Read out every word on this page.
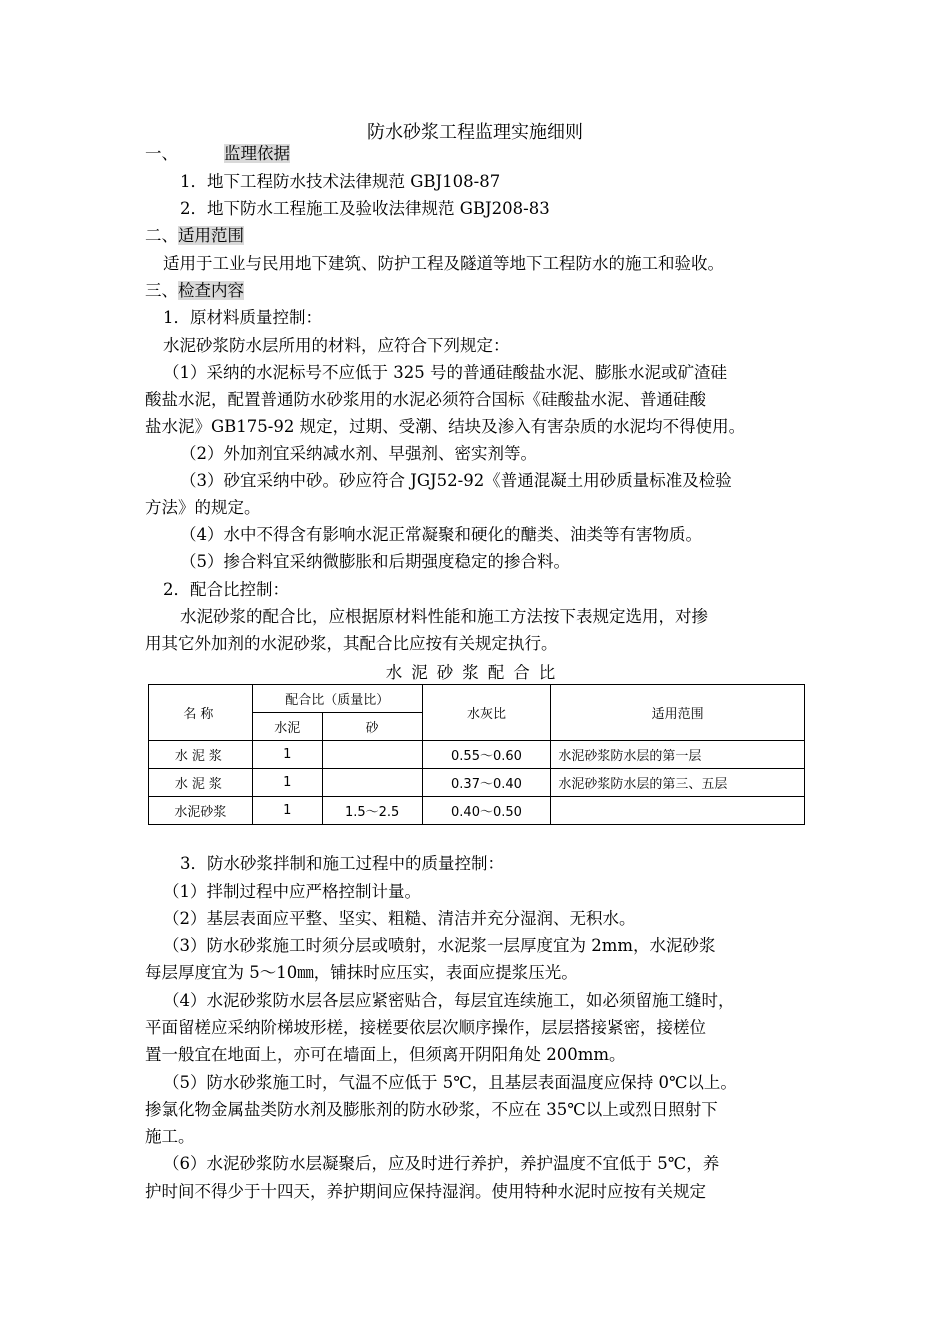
防水砂浆工程监理实施细则
一、	监理依据
1．地下工程防水技术法律规范 GBJ108-87
2．地下防水工程施工及验收法律规范 GBJ208-83
二、适用范围
适用于工业与民用地下建筑、防护工程及隧道等地下工程防水的施工和验收。
三、检查内容
1．原材料质量控制：
水泥砂浆防水层所用的材料，应符合下列规定：
（1）采纳的水泥标号不应低于 325 号的普通硅酸盐水泥、膨胀水泥或矿渣硅
酸盐水泥，配置普通防水砂浆用的水泥必须符合国标《硅酸盐水泥、普通硅酸
盐水泥》GB175-92 规定，过期、受潮、结块及渗入有害杂质的水泥均不得使用。
（2）外加剂宜采纳减水剂、早强剂、密实剂等。
（3）砂宜采纳中砂。砂应符合 JGJ52-92《普通混凝土用砂质量标准及检验
方法》的规定。
（4）水中不得含有影响水泥正常凝聚和硬化的醣类、油类等有害物质。
（5）掺合料宜采纳微膨胀和后期强度稳定的掺合料。
2．配合比控制：
水泥砂浆的配合比，应根据原材料性能和施工方法按下表规定选用，对掺
用其它外加剂的水泥砂浆，其配合比应按有关规定执行。
水泥砂浆配合比
名称	配合比（质量比）		水灰比	适用范围
	水泥	砂		
水泥浆	1		0.55～0.60	水泥砂浆防水层的第一层
水泥浆	1		0.37～0.40	水泥砂浆防水层的第三、五层
水泥砂浆	1	1.5～2.5	0.40～0.50	
3．防水砂浆拌制和施工过程中的质量控制：
（1）拌制过程中应严格控制计量。
（2）基层表面应平整、坚实、粗糙、清洁并充分湿润、无积水。
（3）防水砂浆施工时须分层或喷射，水泥浆一层厚度宜为 2mm，水泥砂浆
每层厚度宜为 5～10㎜，铺抹时应压实，表面应提浆压光。
（4）水泥砂浆防水层各层应紧密贴合，每层宜连续施工，如必须留施工缝时，
平面留槎应采纳阶梯坡形槎，接槎要依层次顺序操作，层层搭接紧密，接槎位
置一般宜在地面上，亦可在墙面上，但须离开阴阳角处 200mm。
（5）防水砂浆施工时，气温不应低于 5℃，且基层表面温度应保持 0℃以上。
掺氯化物金属盐类防水剂及膨胀剂的防水砂浆，不应在 35℃以上或烈日照射下
施工。
（6）水泥砂浆防水层凝聚后，应及时进行养护，养护温度不宜低于 5℃，养
护时间不得少于十四天，养护期间应保持湿润。使用特种水泥时应按有关规定
